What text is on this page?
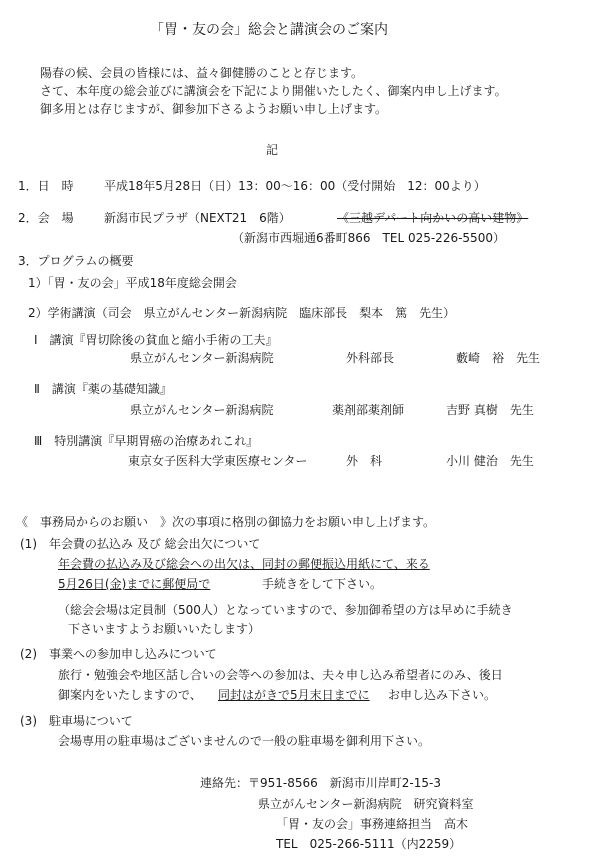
「胃・友の会」総会と講演会のご案内
陽春の候、会員の皆様には、益々御健勝のことと存じます。
さて、本年度の総会並びに講演会を下記により開催いたしたく、御案内申し上げます。
御多用とは存じますが、御参加下さるようお願い申し上げます。
記
1．日　時	平成18年5月28日（日）13：00～16：00（受付開始　12：00より）
2．会　場	新潟市民プラザ（NEXT21　6階）	《三越デパート向かいの高い建物》
（新潟市西堀通6番町866　TEL 025-226-5500）
3．プログラムの概要
1）「胃・友の会」平成18年度総会開会
2）学術講演（司会　県立がんセンター新潟病院　臨床部長　梨本　篤　先生）
Ⅰ　講演『胃切除後の貧血と縮小手術の工夫』
県立がんセンター新潟病院	外科部長	藪崎　裕　先生
Ⅱ　講演『薬の基礎知識』
県立がんセンター新潟病院	薬剤部薬剤師	吉野 真樹　先生
Ⅲ　特別講演『早期胃癌の治療あれこれ』
東京女子医科大学東医療センター	外　科	小川 健治　先生
《　事務局からのお願い　》次の事項に格別の御協力をお願い申し上げます。
(1)　年会費の払込み 及び 総会出欠について
年会費の払込み及び総会への出欠は、同封の郵便振込用紙にて、来る
5月26日(金)までに郵便局で	手続きをして下さい。
（総会会場は定員制（500人）となっていますので、参加御希望の方は早めに手続き
下さいますようお願いいたします）
(2)　事業への参加申し込みについて
旅行・勉強会や地区話し合いの会等への参加は、夫々申し込み希望者にのみ、後日
御案内をいたしますので、 同封はがきで5月末日までに お申し込み下さい。
(3)　駐車場について
会場専用の駐車場はございませんので一般の駐車場を御利用下さい。
連絡先：〒951-8566　新潟市川岸町2-15-3
県立がんセンター新潟病院　研究資料室
「胃・友の会」事務連絡担当　高木
TEL　025-266-5111（内2259）
